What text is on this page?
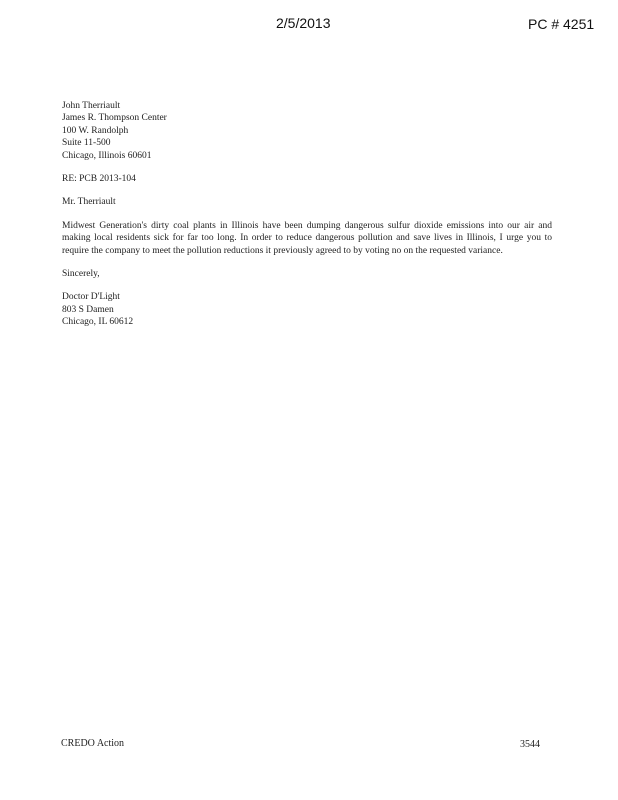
2/5/2013	PC # 4251
John Therriault
James R. Thompson Center
100 W. Randolph
Suite 11-500
Chicago, Illinois 60601
RE: PCB 2013-104
Mr. Therriault
Midwest Generation's dirty coal plants in Illinois have been dumping dangerous sulfur dioxide emissions into our air and making local residents sick for far too long. In order to reduce dangerous pollution and save lives in Illinois, I urge you to require the company to meet the pollution reductions it previously agreed to by voting no on the requested variance.
Sincerely,
Doctor D'Light
803 S Damen
Chicago, IL 60612
CREDO Action	3544
